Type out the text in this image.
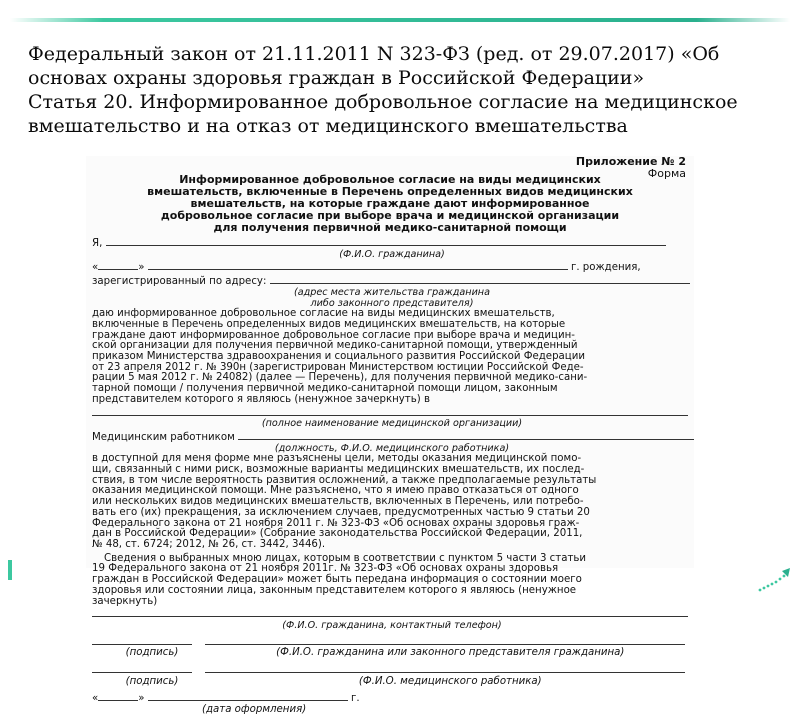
Федеральный закон от 21.11.2011 N 323-ФЗ (ред. от 29.07.2017) «Об
основах охраны здоровья граждан в Российской Федерации»
Статья 20. Информированное добровольное согласие на медицинское
вмешательство и на отказ от медицинского вмешательства
Приложение № 2
Форма
Информированное добровольное согласие на виды медицинских
вмешательств, включенные в Перечень определенных видов медицинских
вмешательств, на которые граждане дают информированное
добровольное согласие при выборе врача и медицинской организации
для получения первичной медико-санитарной помощи
Я,
(Ф.И.О. гражданина)
«	»	г. рождения,
зарегистрированный по адресу:
(адрес места жительства гражданина
либо законного представителя)
даю информированное добровольное согласие на виды медицинских вмешательств,
включенные в Перечень определенных видов медицинских вмешательств, на которые
граждане дают информированное добровольное согласие при выборе врача и медицин-
ской организации для получения первичной медико-санитарной помощи, утвержденный
приказом Министерства здравоохранения и социального развития Российской Федерации
от 23 апреля 2012 г. № 390н (зарегистрирован Министерством юстиции Российской Феде-
рации 5 мая 2012 г. № 24082) (далее — Перечень), для получения первичной медико-сани-
тарной помощи / получения первичной медико-санитарной помощи лицом, законным
представителем которого я являюсь (ненужное зачеркнуть) в
(полное наименование медицинской организации)
Медицинским работником
(должность, Ф.И.О. медицинского работника)
в доступной для меня форме мне разъяснены цели, методы оказания медицинской помо-
щи, связанный с ними риск, возможные варианты медицинских вмешательств, их послед-
ствия, в том числе вероятность развития осложнений, а также предполагаемые результаты
оказания медицинской помощи. Мне разъяснено, что я имею право отказаться от одного
или нескольких видов медицинских вмешательств, включенных в Перечень, или потребо-
вать его (их) прекращения, за исключением случаев, предусмотренных частью 9 статьи 20
Федерального закона от 21 ноября 2011 г. № 323-ФЗ «Об основах охраны здоровья граж-
дан в Российской Федерации» (Собрание законодательства Российской Федерации, 2011,
№ 48, ст. 6724; 2012, № 26, ст. 3442, 3446).
Сведения о выбранных мною лицах, которым в соответствии с пунктом 5 части 3 статьи
19 Федерального закона от 21 ноября 2011г. № 323-ФЗ «Об основах охраны здоровья
граждан в Российской Федерации» может быть передана информация о состоянии моего
здоровья или состоянии лица, законным представителем которого я являюсь (ненужное
зачеркнуть)
(Ф.И.О. гражданина, контактный телефон)

(подпись)	(Ф.И.О. гражданина или законного представителя гражданина)

(подпись)	(Ф.И.О. медицинского работника)
«	»	г.
(дата оформления)
